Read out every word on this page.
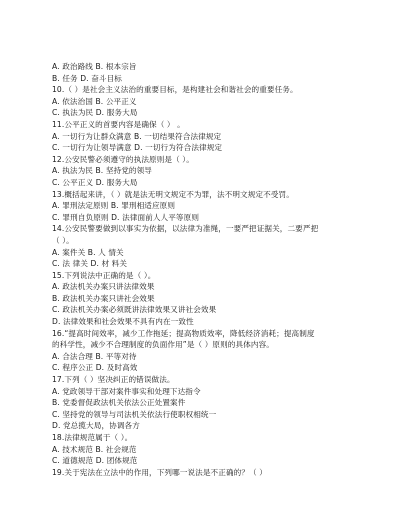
A. 政治路线 B. 根本宗旨
B. 任务 D. 奋斗目标
10.（ ）是社会主义法治的重要目标，是构建社会和谐社会的重要任务。
A. 依法治国 B. 公平正义
C. 执法为民 D. 服务大局
11.公平正义的首要内容是确保（ ） 。
A. 一切行为让群众满意 B. 一切结果符合法律规定
C. 一切行为让领导满意 D. 一切行为符合法律规定
12.公安民警必须遵守的执法原则是（ ）。
A. 执法为民 B. 坚持党的领导
C. 公平正义 D. 服务大局
13.概括起来讲，（ ）就是法无明文规定不为罪，法不明文规定不受罚。
A. 罪刑法定原则 B. 罪刑相适应原则
C. 罪刑自负原则 D. 法律面前人人平等原则
14.公安民警要做到以事实为依据，以法律为准绳，一要严把证据关，二要严把
（ ）。
A. 案件关 B. 人 情关
C. 法 律关 D. 材 料关
15.下列说法中正确的是（ ）。
A. 政法机关办案只讲法律效果
B. 政法机关办案只讲社会效果
C. 政法机关办案必须既讲法律效果又讲社会效果
D. 法律效果和社会效果不具有内在一致性
16.“提高时间效率，减少工作拖延；提高物质效率，降低经济消耗；提高制度
的科学性，减少不合理制度的负面作用”是（ ）原则的具体内容。
A. 合法合理 B. 平等对待
C. 程序公正 D. 及时高效
17.下列（ ）坚决纠正的错误做法。
A. 党政领导干部对案件事实和处理下达指令
B. 党委督促政法机关依法公正处置案件
C. 坚持党的领导与司法机关依法行使职权相统一
D. 党总揽大局，协调各方
18.法律规范属于（ ）。
A. 技术规范 B. 社会规范
C. 道德规范 D. 团体规范
19.关于宪法在立法中的作用，下列哪一说法是不正确的？（ ）
